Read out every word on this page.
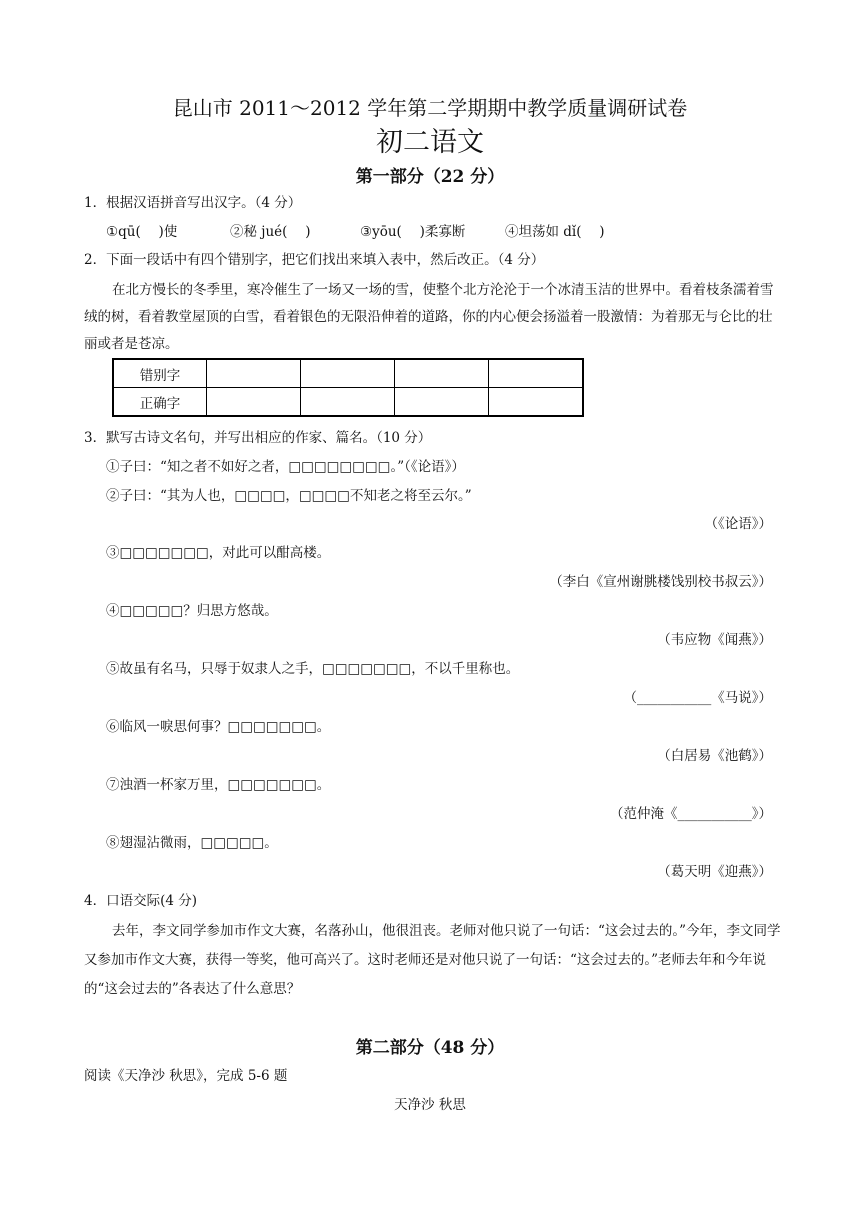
昆山市 2011～2012 学年第二学期期中教学质量调研试卷
初二语文
第一部分（22 分）
1．根据汉语拼音写出汉字。（4 分）
①qū(　 )使	②秘 jué(　 )	③yōu(　 )柔寡断	④坦荡如 dǐ(　 )
2．下面一段话中有四个错别字，把它们找出来填入表中，然后改正。（4 分）
在北方慢长的冬季里，寒冷催生了一场又一场的雪，使整个北方沦沦于一个冰清玉洁的世界中。看着枝条濡着雪绒的树，看着教堂屋顶的白雪，看着银色的无限沿伸着的道路，你的内心便会扬溢着一股激情：为着那无与仑比的壮丽或者是苍凉。
错别字				
正确字				
3．默写古诗文名句，并写出相应的作家、篇名。（10 分）
①子曰：“知之者不如好之者，□□□□□□□□。”（《论语》）
②子曰：“其为人也，□□□□，□□□□不知老之将至云尔。”
（《论语》）
③□□□□□□□，对此可以酣高楼。
（李白《宣州谢朓楼饯别校书叔云》）
④□□□□□？归思方悠哉。
（韦应物《闻燕》）
⑤故虽有名马，只辱于奴隶人之手，□□□□□□□，不以千里称也。
（___________《马说》）
⑥临风一唳思何事？□□□□□□□。
（白居易《池鹤》）
⑦浊酒一杯家万里，□□□□□□□。
（范仲淹《___________》）
⑧翅湿沾微雨，□□□□□。
（葛天明《迎燕》）
4．口语交际(4 分)
去年，李文同学参加市作文大赛，名落孙山，他很沮丧。老师对他只说了一句话：“这会过去的。”今年，李文同学又参加市作文大赛，获得一等奖，他可高兴了。这时老师还是对他只说了一句话：“这会过去的。”老师去年和今年说的“这会过去的”各表达了什么意思？
第二部分（48 分）
阅读《天净沙 秋思》，完成 5-6 题
天净沙 秋思
